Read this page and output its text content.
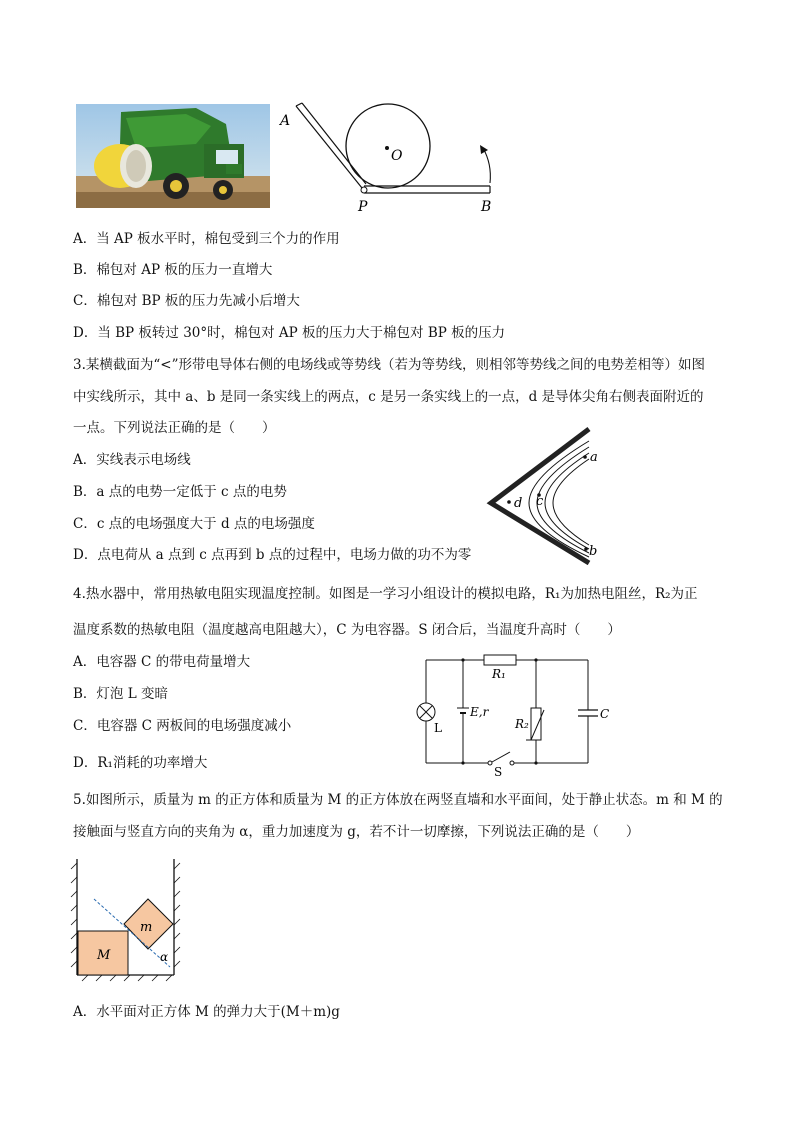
A
O
P	B
A．当 AP 板水平时，棉包受到三个力的作用
B．棉包对 AP 板的压力一直增大
C．棉包对 BP 板的压力先减小后增大
D．当 BP 板转过 30°时，棉包对 AP 板的压力大于棉包对 BP 板的压力
3.某横截面为“<”形带电导体右侧的电场线或等势线（若为等势线，则相邻等势线之间的电势差相等）如图
中实线所示，其中 a、b 是同一条实线上的两点，c 是另一条实线上的一点，d 是导体尖角右侧表面附近的
一点。下列说法正确的是（　　）
A．实线表示电场线
B．a 点的电势一定低于 c 点的电势
C．c 点的电场强度大于 d 点的电场强度
D．点电荷从 a 点到 c 点再到 b 点的过程中，电场力做的功不为零
a
b
c
d
4.热水器中，常用热敏电阻实现温度控制。如图是一学习小组设计的模拟电路，R₁为加热电阻丝，R₂为正
温度系数的热敏电阻（温度越高电阻越大），C 为电容器。S 闭合后，当温度升高时（　　）
A．电容器 C 的带电荷量增大
B．灯泡 L 变暗
C．电容器 C 两板间的电场强度减小
D．R₁消耗的功率增大
R₁
R₂
C
L
E,r
S
5.如图所示，质量为 m 的正方体和质量为 M 的正方体放在两竖直墙和水平面间，处于静止状态。m 和 M 的
接触面与竖直方向的夹角为 α，重力加速度为 g，若不计一切摩擦，下列说法正确的是（　　）
m
M	α
A．水平面对正方体 M 的弹力大于(M＋m)g
